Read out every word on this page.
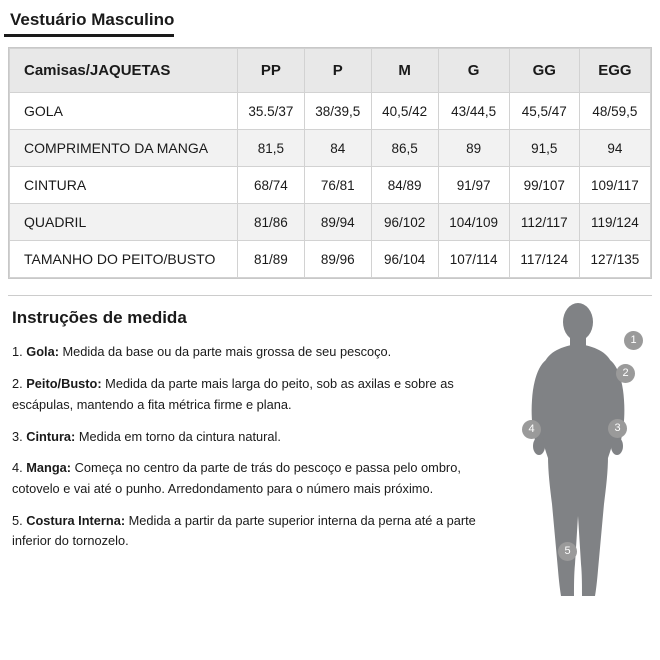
Vestuário Masculino
Camisas/JAQUETAS	PP	P	M	G	GG	EGG
GOLA	35.5/37	38/39,5	40,5/42	43/44,5	45,5/47	48/59,5
COMPRIMENTO DA MANGA	81,5	84	86,5	89	91,5	94
CINTURA	68/74	76/81	84/89	91/97	99/107	109/117
QUADRIL	81/86	89/94	96/102	104/109	112/117	119/124
TAMANHO DO PEITO/BUSTO	81/89	89/96	96/104	107/114	117/124	127/135
Instruções de medida

1. Gola: Medida da base ou da parte mais grossa de seu pescoço.

2. Peito/Busto: Medida da parte mais larga do peito, sob as axilas e sobre as escápulas, mantendo a fita métrica firme e plana.

3. Cintura: Medida em torno da cintura natural.

4. Manga: Começa no centro da parte de trás do pescoço e passa pelo ombro, cotovelo e vai até o punho. Arredondamento para o número mais próximo.

5. Costura Interna: Medida a partir da parte superior interna da perna até a parte inferior do tornozelo.

1
2
3
4
5
